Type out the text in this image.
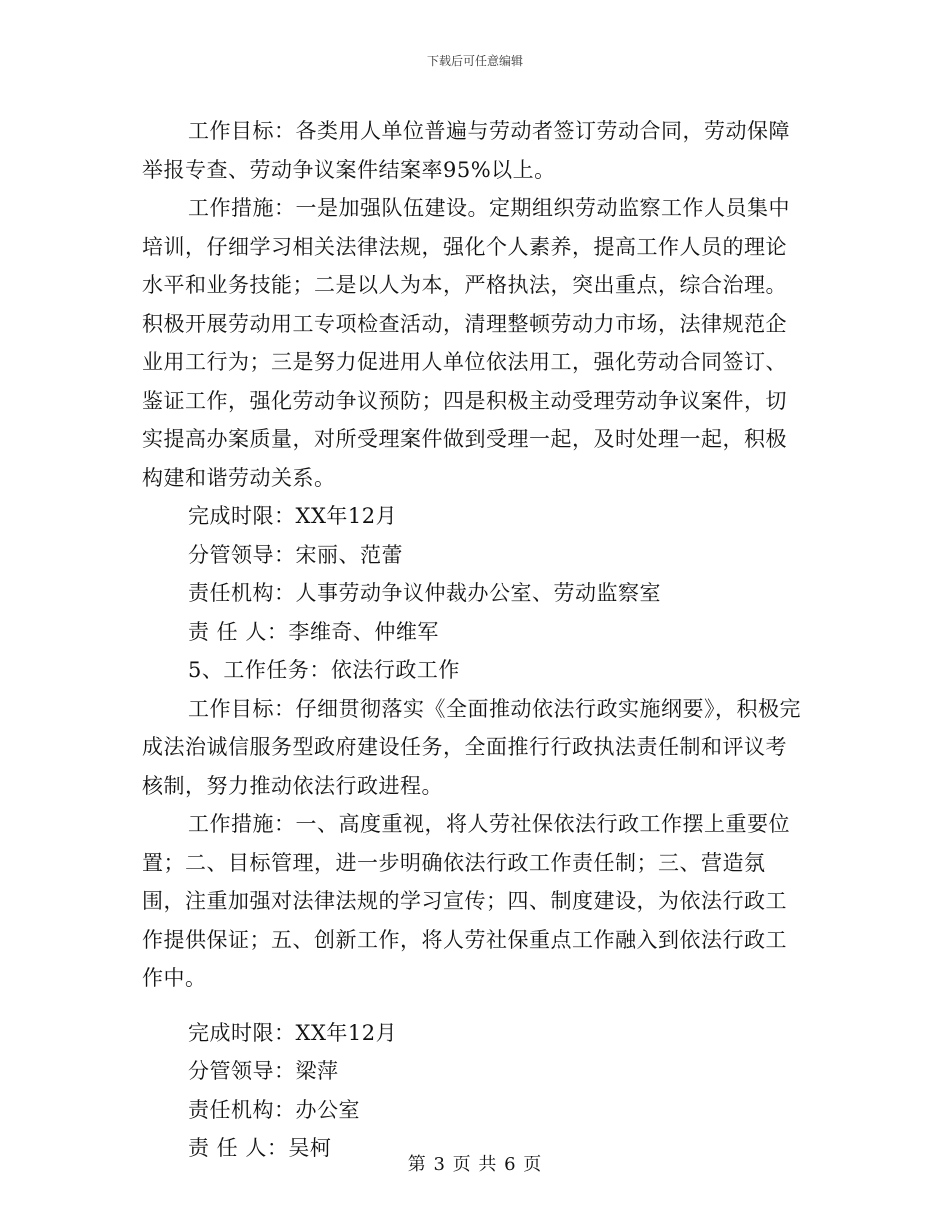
下载后可任意编辑

工作目标：各类用人单位普遍与劳动者签订劳动合同，劳动保障举报专查、劳动争议案件结案率95%以上。

工作措施：一是加强队伍建设。定期组织劳动监察工作人员集中培训，仔细学习相关法律法规，强化个人素养，提高工作人员的理论水平和业务技能；二是以人为本，严格执法，突出重点，综合治理。积极开展劳动用工专项检查活动，清理整顿劳动力市场，法律规范企业用工行为；三是努力促进用人单位依法用工，强化劳动合同签订、鉴证工作，强化劳动争议预防；四是积极主动受理劳动争议案件，切实提高办案质量，对所受理案件做到受理一起，及时处理一起，积极构建和谐劳动关系。

完成时限：XX年12月

分管领导：宋丽、范蕾

责任机构：人事劳动争议仲裁办公室、劳动监察室

责 任 人：李维奇、仲维军

5、工作任务：依法行政工作

工作目标：仔细贯彻落实《全面推动依法行政实施纲要》，积极完成法治诚信服务型政府建设任务，全面推行行政执法责任制和评议考核制，努力推动依法行政进程。

工作措施：一、高度重视，将人劳社保依法行政工作摆上重要位置；二、目标管理，进一步明确依法行政工作责任制；三、营造氛围，注重加强对法律法规的学习宣传；四、制度建设，为依法行政工作提供保证；五、创新工作，将人劳社保重点工作融入到依法行政工作中。

完成时限：XX年12月

分管领导：梁萍

责任机构：办公室

责 任 人：吴柯

第 3 页 共 6 页
